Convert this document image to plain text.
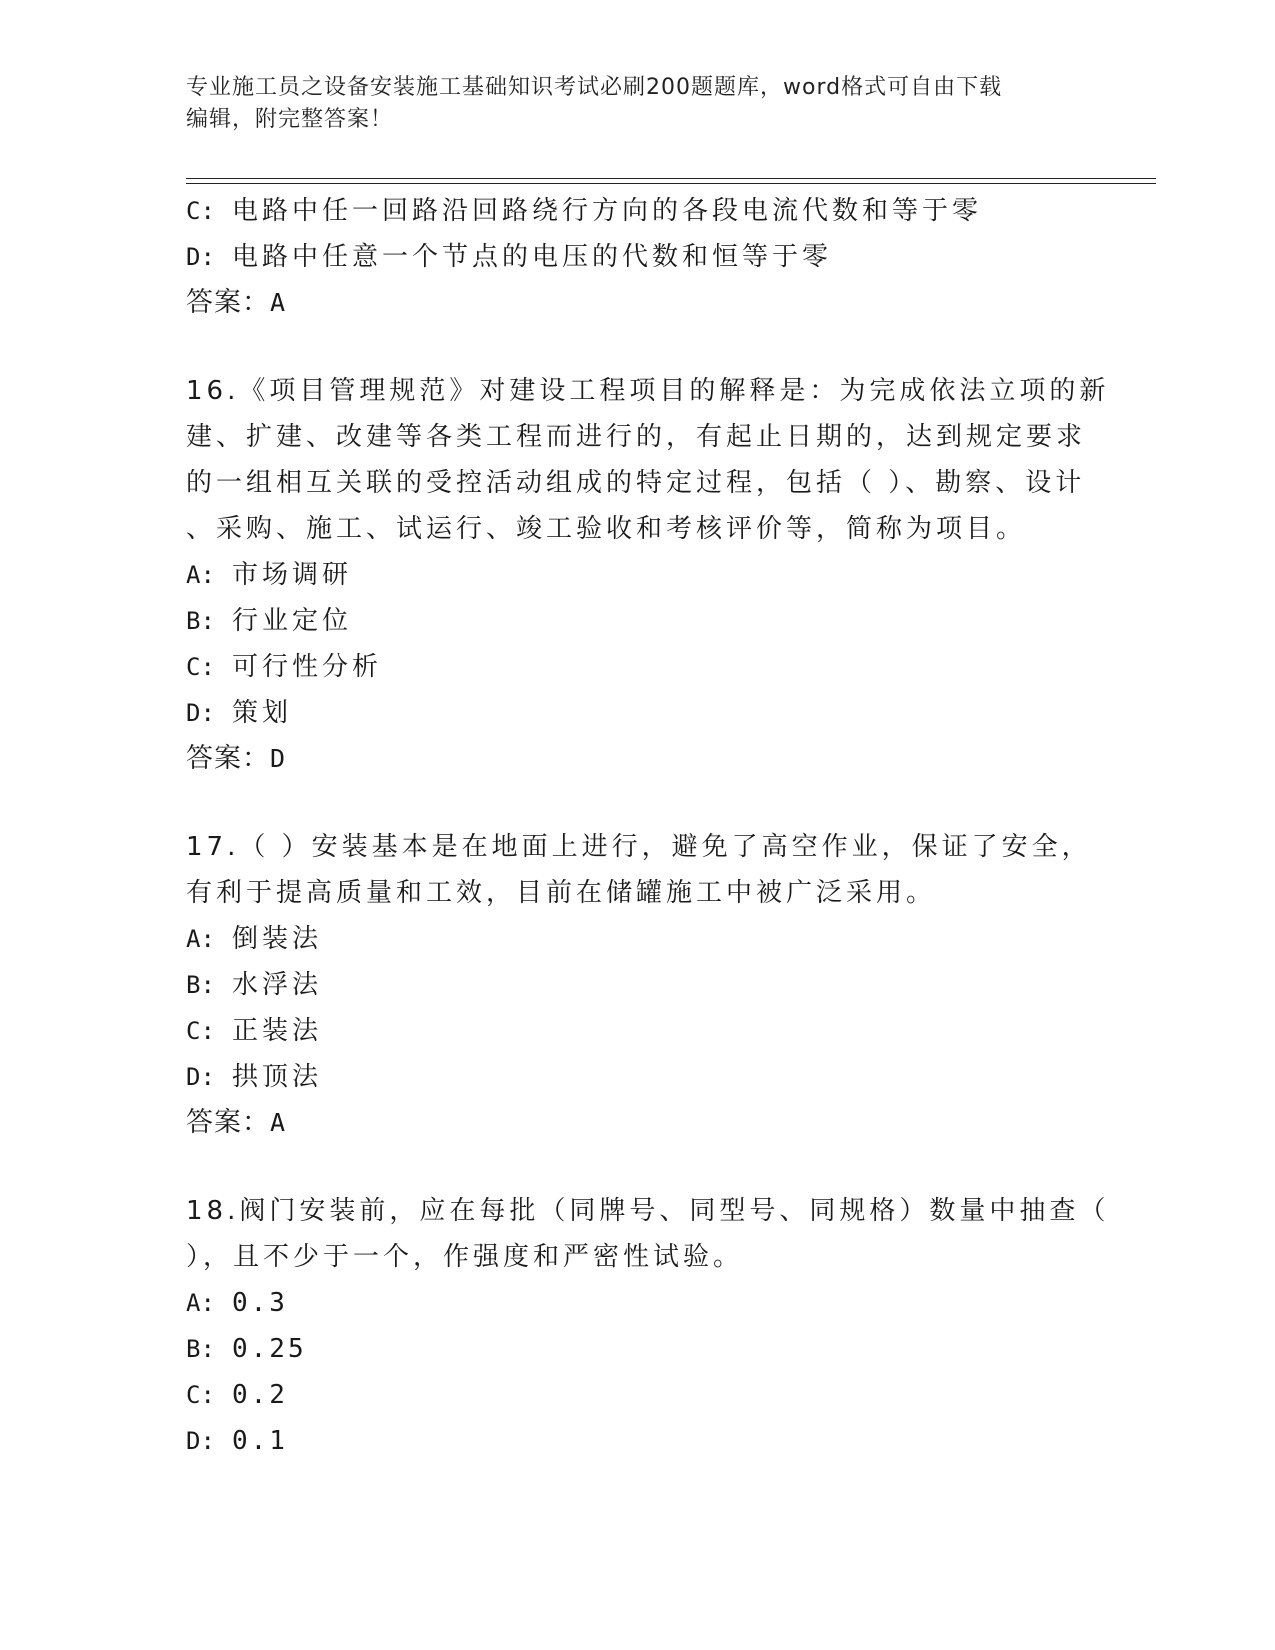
专业施工员之设备安装施工基础知识考试必刷200题题库，word格式可自由下载
编辑，附完整答案！
C: 电路中任一回路沿回路绕行方向的各段电流代数和等于零
D: 电路中任意一个节点的电压的代数和恒等于零
答案：A
16.《项目管理规范》对建设工程项目的解释是：为完成依法立项的新
建、扩建、改建等各类工程而进行的，有起止日期的，达到规定要求
的一组相互关联的受控活动组成的特定过程，包括（ ）、勘察、设计
、采购、施工、试运行、竣工验收和考核评价等，简称为项目。
A: 市场调研
B: 行业定位
C: 可行性分析
D: 策划
答案：D
17.（ ）安装基本是在地面上进行，避免了高空作业，保证了安全，
有利于提高质量和工效，目前在储罐施工中被广泛采用。
A: 倒装法
B: 水浮法
C: 正装法
D: 拱顶法
答案：A
18.阀门安装前，应在每批（同牌号、同型号、同规格）数量中抽查（
），且不少于一个，作强度和严密性试验。
A: 0.3
B: 0.25
C: 0.2
D: 0.1
